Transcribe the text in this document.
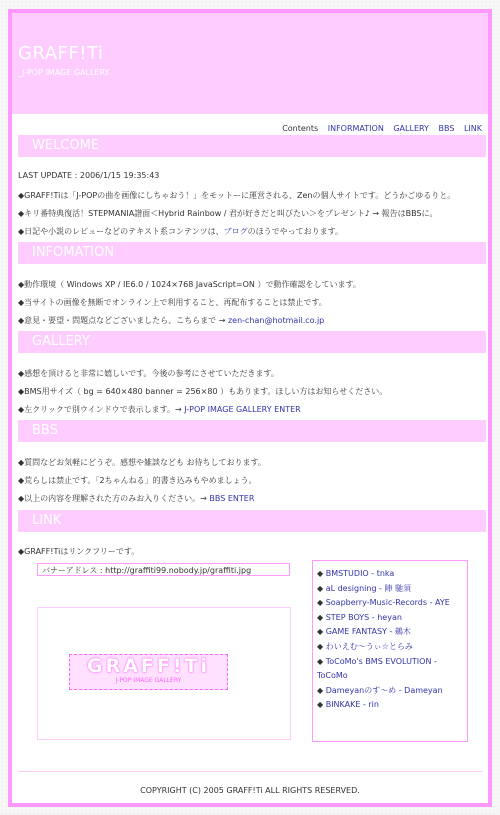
GRAFF!Ti
_J-POP IMAGE GALLERY
Contents INFORMATION GALLERY BBS LINK
WELCOME
LAST UPDATE : 2006/1/15 19:35:43
◆GRAFF!Tiは「J-POPの曲を画像にしちゃおう！」をモットーに運営される、Zenの個人サイトです。どうかごゆるりと。
◆キリ番特典復活！STEPMANIA譜面＜Hybrid Rainbow / 君が好きだと叫びたい＞をプレゼント♪ → 報告はBBSに。
◆日記や小説のレビューなどのテキスト系コンテンツは、ブログのほうでやっております。
INFOMATION
◆動作環境（ Windows XP / IE6.0 / 1024×768 JavaScript=ON ）で動作確認をしています。
◆当サイトの画像を無断でオンライン上で利用すること、再配布することは禁止です。
◆意見・要望・問題点などございましたら、こちらまで → zen-chan@hotmail.co.jp
GALLERY
◆感想を頂けると非常に嬉しいです。今後の参考にさせていただきます。
◆BMS用サイズ（ bg = 640×480 banner = 256×80 ）もあります。ほしい方はお知らせください。
◆左クリックで別ウインドウで表示します。→ J-POP IMAGE GALLERY ENTER
BBS
◆質問などお気軽にどうぞ。感想や雑談なども お待ちしております。
◆荒らしは禁止です。「2ちゃんねる」的書き込みもやめましょう。
◆以上の内容を理解された方のみお入りください。→ BBS ENTER
LINK
◆GRAFF!Tiはリンクフリーです。
バナーアドレス : http://graffiti99.nobody.jp/graffiti.jpg
GRAFF!Ti
J-POP IMAGE GALLERY
◆ BMSTUDIO - tnka
◆ aL designing - 陣 馳須
◆ Soapberry-Music-Records - AYE
◆ STEP BOYS - heyan
◆ GAME FANTASY - 鵜木
◆ わいえむ～うぃ☆とらみ
◆ ToCoMo's BMS EVOLUTION - ToCoMo
◆ Dameyanのす～め - Dameyan
◆ BINKAKE - rin
COPYRIGHT (C) 2005 GRAFF!Ti ALL RIGHTS RESERVED.
